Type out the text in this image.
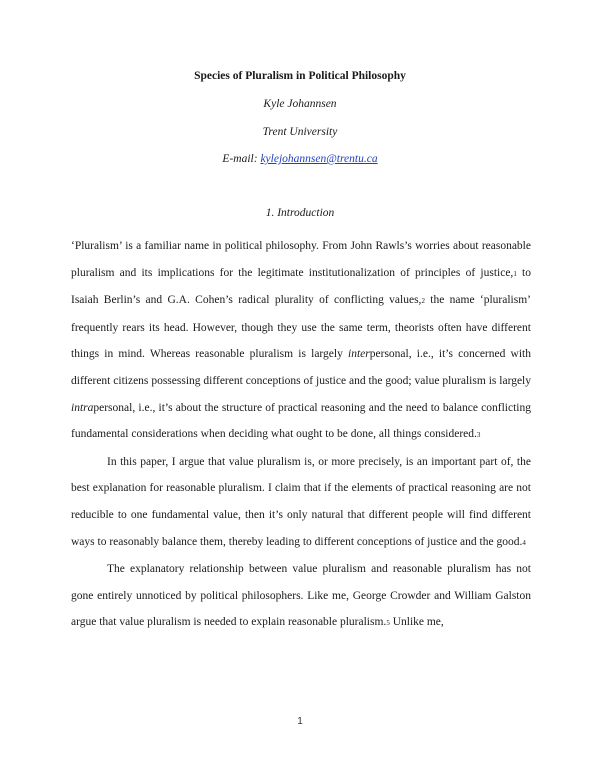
Species of Pluralism in Political Philosophy
Kyle Johannsen
Trent University
E-mail: kylejohannsen@trentu.ca
1. Introduction

‘Pluralism’ is a familiar name in political philosophy. From John Rawls’s worries about reasonable pluralism and its implications for the legitimate institutionalization of principles of justice,1 to Isaiah Berlin’s and G.A. Cohen’s radical plurality of conflicting values,2 the name ‘pluralism’ frequently rears its head. However, though they use the same term, theorists often have different things in mind. Whereas reasonable pluralism is largely interpersonal, i.e., it’s concerned with different citizens possessing different conceptions of justice and the good; value pluralism is largely intrapersonal, i.e., it’s about the structure of practical reasoning and the need to balance conflicting fundamental considerations when deciding what ought to be done, all things considered.3

In this paper, I argue that value pluralism is, or more precisely, is an important part of, the best explanation for reasonable pluralism. I claim that if the elements of practical reasoning are not reducible to one fundamental value, then it’s only natural that different people will find different ways to reasonably balance them, thereby leading to different conceptions of justice and the good.4

The explanatory relationship between value pluralism and reasonable pluralism has not gone entirely unnoticed by political philosophers. Like me, George Crowder and William Galston argue that value pluralism is needed to explain reasonable pluralism.5 Unlike me,

1
